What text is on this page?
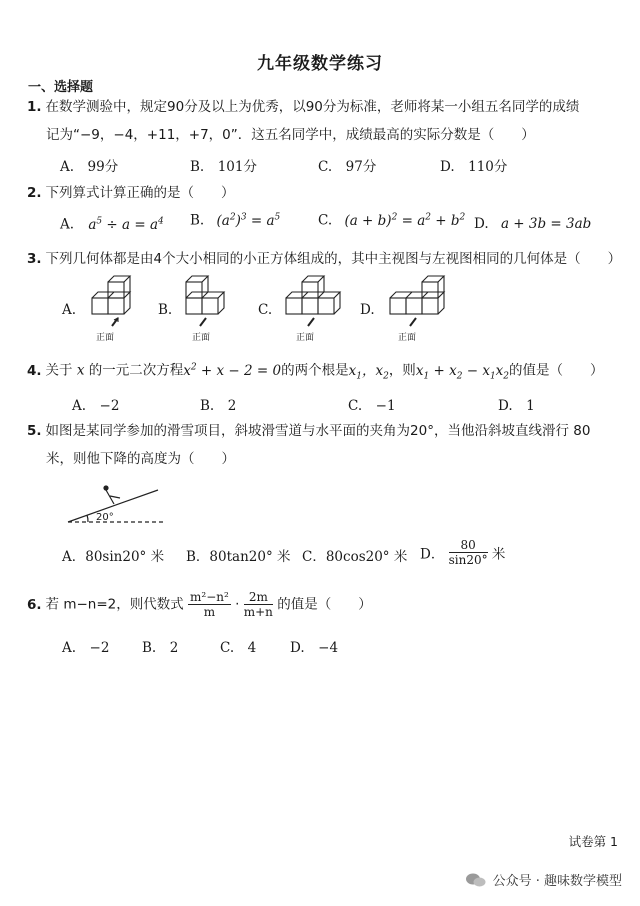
九年级数学练习
一、选择题
1. 在数学测验中，规定90分及以上为优秀，以90分为标准，老师将某一小组五名同学的成绩
记为“−9，−4，+11，+7，0”．这五名同学中，成绩最高的实际分数是（　　）
A.　99分	B.　101分	C.　97分	D.　110分
2. 下列算式计算正确的是（　　）
A. $a^5 \div a = a^4$ B. $(a^2)^3 = a^5$	C. $(a + b)^2 = a^2 + b^2$ D. a + 3b = 3ab
3. 下列几何体都是由4个大小相同的小正方体组成的，其中主视图与左视图相同的几何体是（　　）
A.	B.	C.	D.
正面	正面	正面	正面
4. 关于 x 的一元二次方程$x^2 + x - 2 = 0$的两个根是$x_1$，$x_2$，则$x_1 + x_2 - x_1x_2$的值是（　　）
A.　−2	B.　2	C.　−1	D.　1
5. 如图是某同学参加的滑雪项目，斜坡滑雪道与水平面的夹角为20°，当他沿斜坡直线滑行 80
米，则他下降的高度为（　　）
20°
A．80sin20° 米 B．80tan20° 米 C．80cos20° 米 D． $\frac{80}{\sin 20^\circ}$ 米
6. 若 m−n=2，则代数式 $\frac{\text{m²−n²}}{m} \cdot \frac{2m}{m+n}$ 的值是（　　）
A.　−2 B.　2	C.　4	D.　−4
试卷第 1
公众号 · 趣味数学模型
